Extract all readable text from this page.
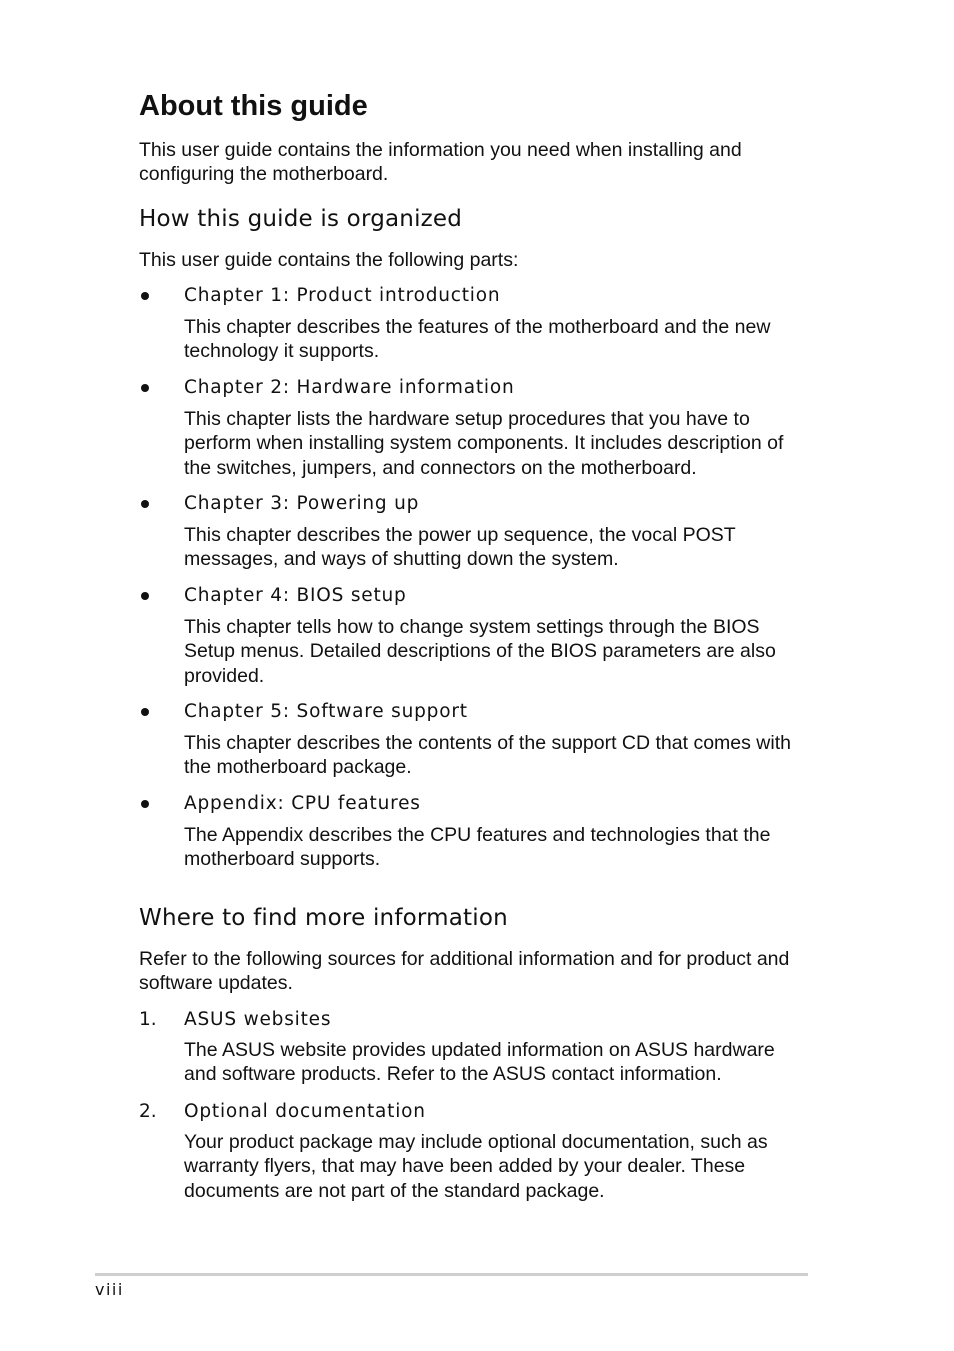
About this guide

This user guide contains the information you need when installing and configuring the motherboard.

How this guide is organized

This user guide contains the following parts:

Chapter 1: Product introduction

This chapter describes the features of the motherboard and the new technology it supports.

Chapter 2: Hardware information

This chapter lists the hardware setup procedures that you have to perform when installing system components. It includes description of the switches, jumpers, and connectors on the motherboard.

Chapter 3: Powering up

This chapter describes the power up sequence, the vocal POST messages, and ways of shutting down the system.

Chapter 4: BIOS setup

This chapter tells how to change system settings through the BIOS Setup menus. Detailed descriptions of the BIOS parameters are also provided.

Chapter 5: Software support

This chapter describes the contents of the support CD that comes with the motherboard package.

Appendix: CPU features

The Appendix describes the CPU features and technologies that the motherboard supports.

Where to find more information

Refer to the following sources for additional information and for product and software updates.

1. ASUS websites

The ASUS website provides updated information on ASUS hardware and software products. Refer to the ASUS contact information.

2. Optional documentation

Your product package may include optional documentation, such as warranty flyers, that may have been added by your dealer. These documents are not part of the standard package.

viii
